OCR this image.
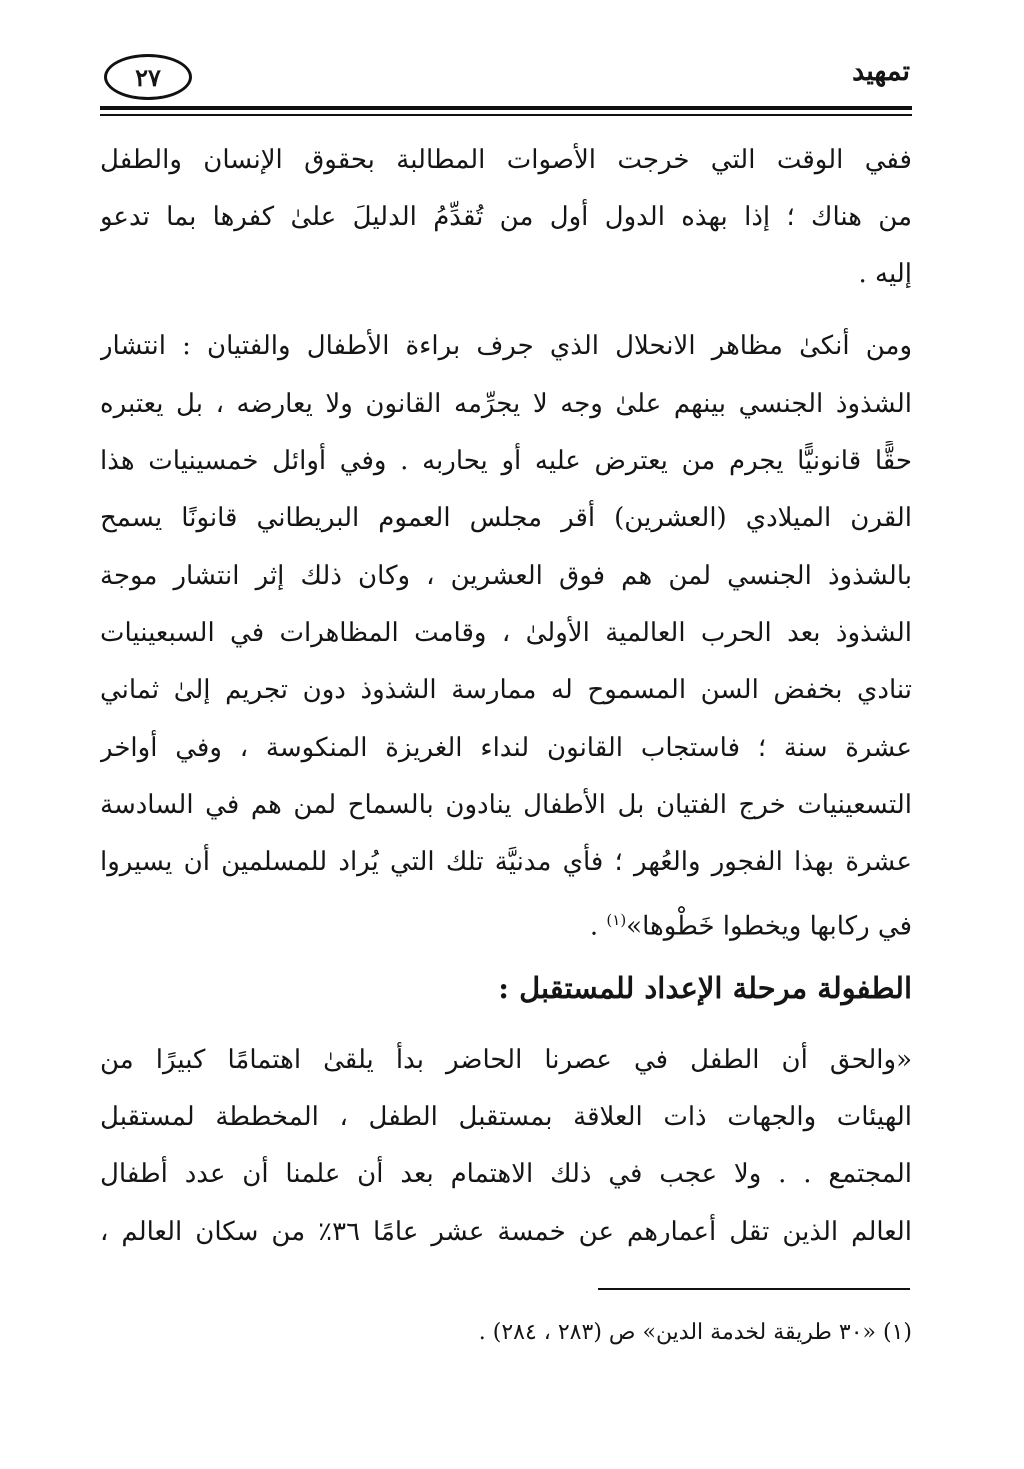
تمهيد
٢٧
ففي الوقت التي خرجت الأصوات المطالبة بحقوق الإنسان والطفل
من هناك ؛ إذا بهذه الدول أول من تُقدِّمُ الدليلَ علىٰ كفرها بما تدعو
إليه .
ومن أنكىٰ مظاهر الانحلال الذي جرف براءة الأطفال والفتيان : انتشار
الشذوذ الجنسي بينهم علىٰ وجه لا يجرِّمه القانون ولا يعارضه ، بل يعتبره
حقًّا قانونيًّا يجرم من يعترض عليه أو يحاربه . وفي أوائل خمسينيات هذا
القرن الميلادي (العشرين) أقر مجلس العموم البريطاني قانونًا يسمح
بالشذوذ الجنسي لمن هم فوق العشرين ، وكان ذلك إثر انتشار موجة
الشذوذ بعد الحرب العالمية الأولىٰ ، وقامت المظاهرات في السبعينيات
تنادي بخفض السن المسموح له ممارسة الشذوذ دون تجريم إلىٰ ثماني
عشرة سنة ؛ فاستجاب القانون لنداء الغريزة المنكوسة ، وفي أواخر
التسعينيات خرج الفتيان بل الأطفال ينادون بالسماح لمن هم في السادسة
عشرة بهذا الفجور والعُهر ؛ فأي مدنيَّة تلك التي يُراد للمسلمين أن يسيروا
في ركابها ويخطوا خَطْوها»$^{(١)}$ .
الطفولة مرحلة الإعداد للمستقبل :
«والحق أن الطفل في عصرنا الحاضر بدأ يلقىٰ اهتمامًا كبيرًا من
الهيئات والجهات ذات العلاقة بمستقبل الطفل ، المخططة لمستقبل
المجتمع . . ولا عجب في ذلك الاهتمام بعد أن علمنا أن عدد أطفال
العالم الذين تقل أعمارهم عن خمسة عشر عامًا ٣٦٪ من سكان العالم ،
(١) «٣٠ طريقة لخدمة الدين» ص (٢٨٣ ، ٢٨٤) .
